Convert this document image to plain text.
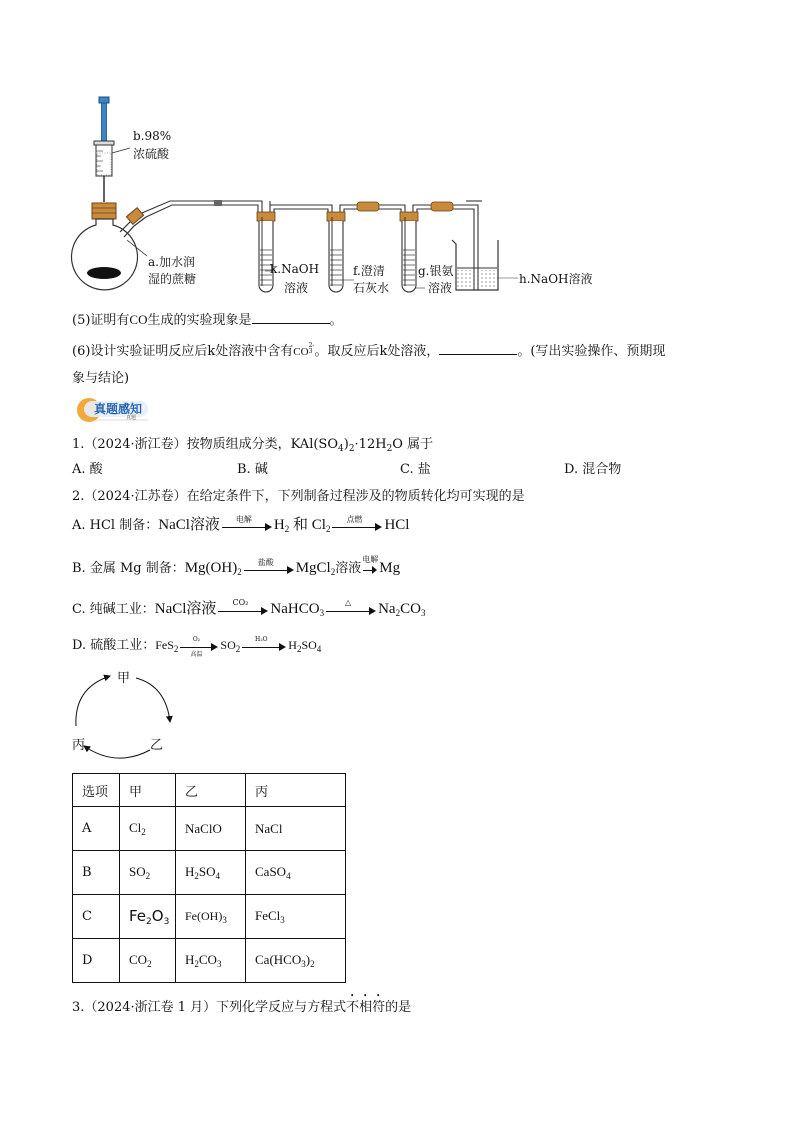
b.98%
浓硫酸
a.加水润
湿的蔗糖
k.NaOH
溶液
f.澄清
石灰水
g.银氨
溶液
h.NaOH溶液
(5)证明有CO生成的实验现象是	。
(6)设计实验证明反应后k处溶液中含有CO
2-
3 。取反应后k处溶液，	。(写出实验操作、预期现
象与结论)
真题感知
真题
1.（2024·浙江卷）按物质组成分类，$KAl(SO_4)_2\cdot 12H_2O$ 属于
A. 酸	B. 碱	C. 盐	D. 混合物
2.（2024·江苏卷）在给定条件下，下列制备过程涉及的物质转化均可实现的是
A. HCl 制备：NaCl溶液	电解	$H_2$ 和 $Cl_2$
点燃	HCl
B. 金属 Mg 制备：$Mg(OH)_2$
盐酸	MgCl$_2$溶液
电解
Mg
C. 纯碱工业：NaCl溶液	CO₂	NaHCO$_3$
△	$Na_2CO_3$
D. 硫酸工业：FeS$_2$
O₂
高温
$SO_2$
H₂O	$H_2SO_4$
甲
乙
丙
选项	甲	乙	丙
A	$Cl_2$	NaClO	NaCl
B	$SO_2$	$H_2SO_4$	CaSO$_4$
C	$Fe_2O_3$	$Fe(OH)_3$	FeCl$_3$
D	$CO_2$	$H_2CO_3$	$Ca(HCO_3)_2$
3.（2024·浙江卷 1 月）下列化学反应与方程式不相符的是
